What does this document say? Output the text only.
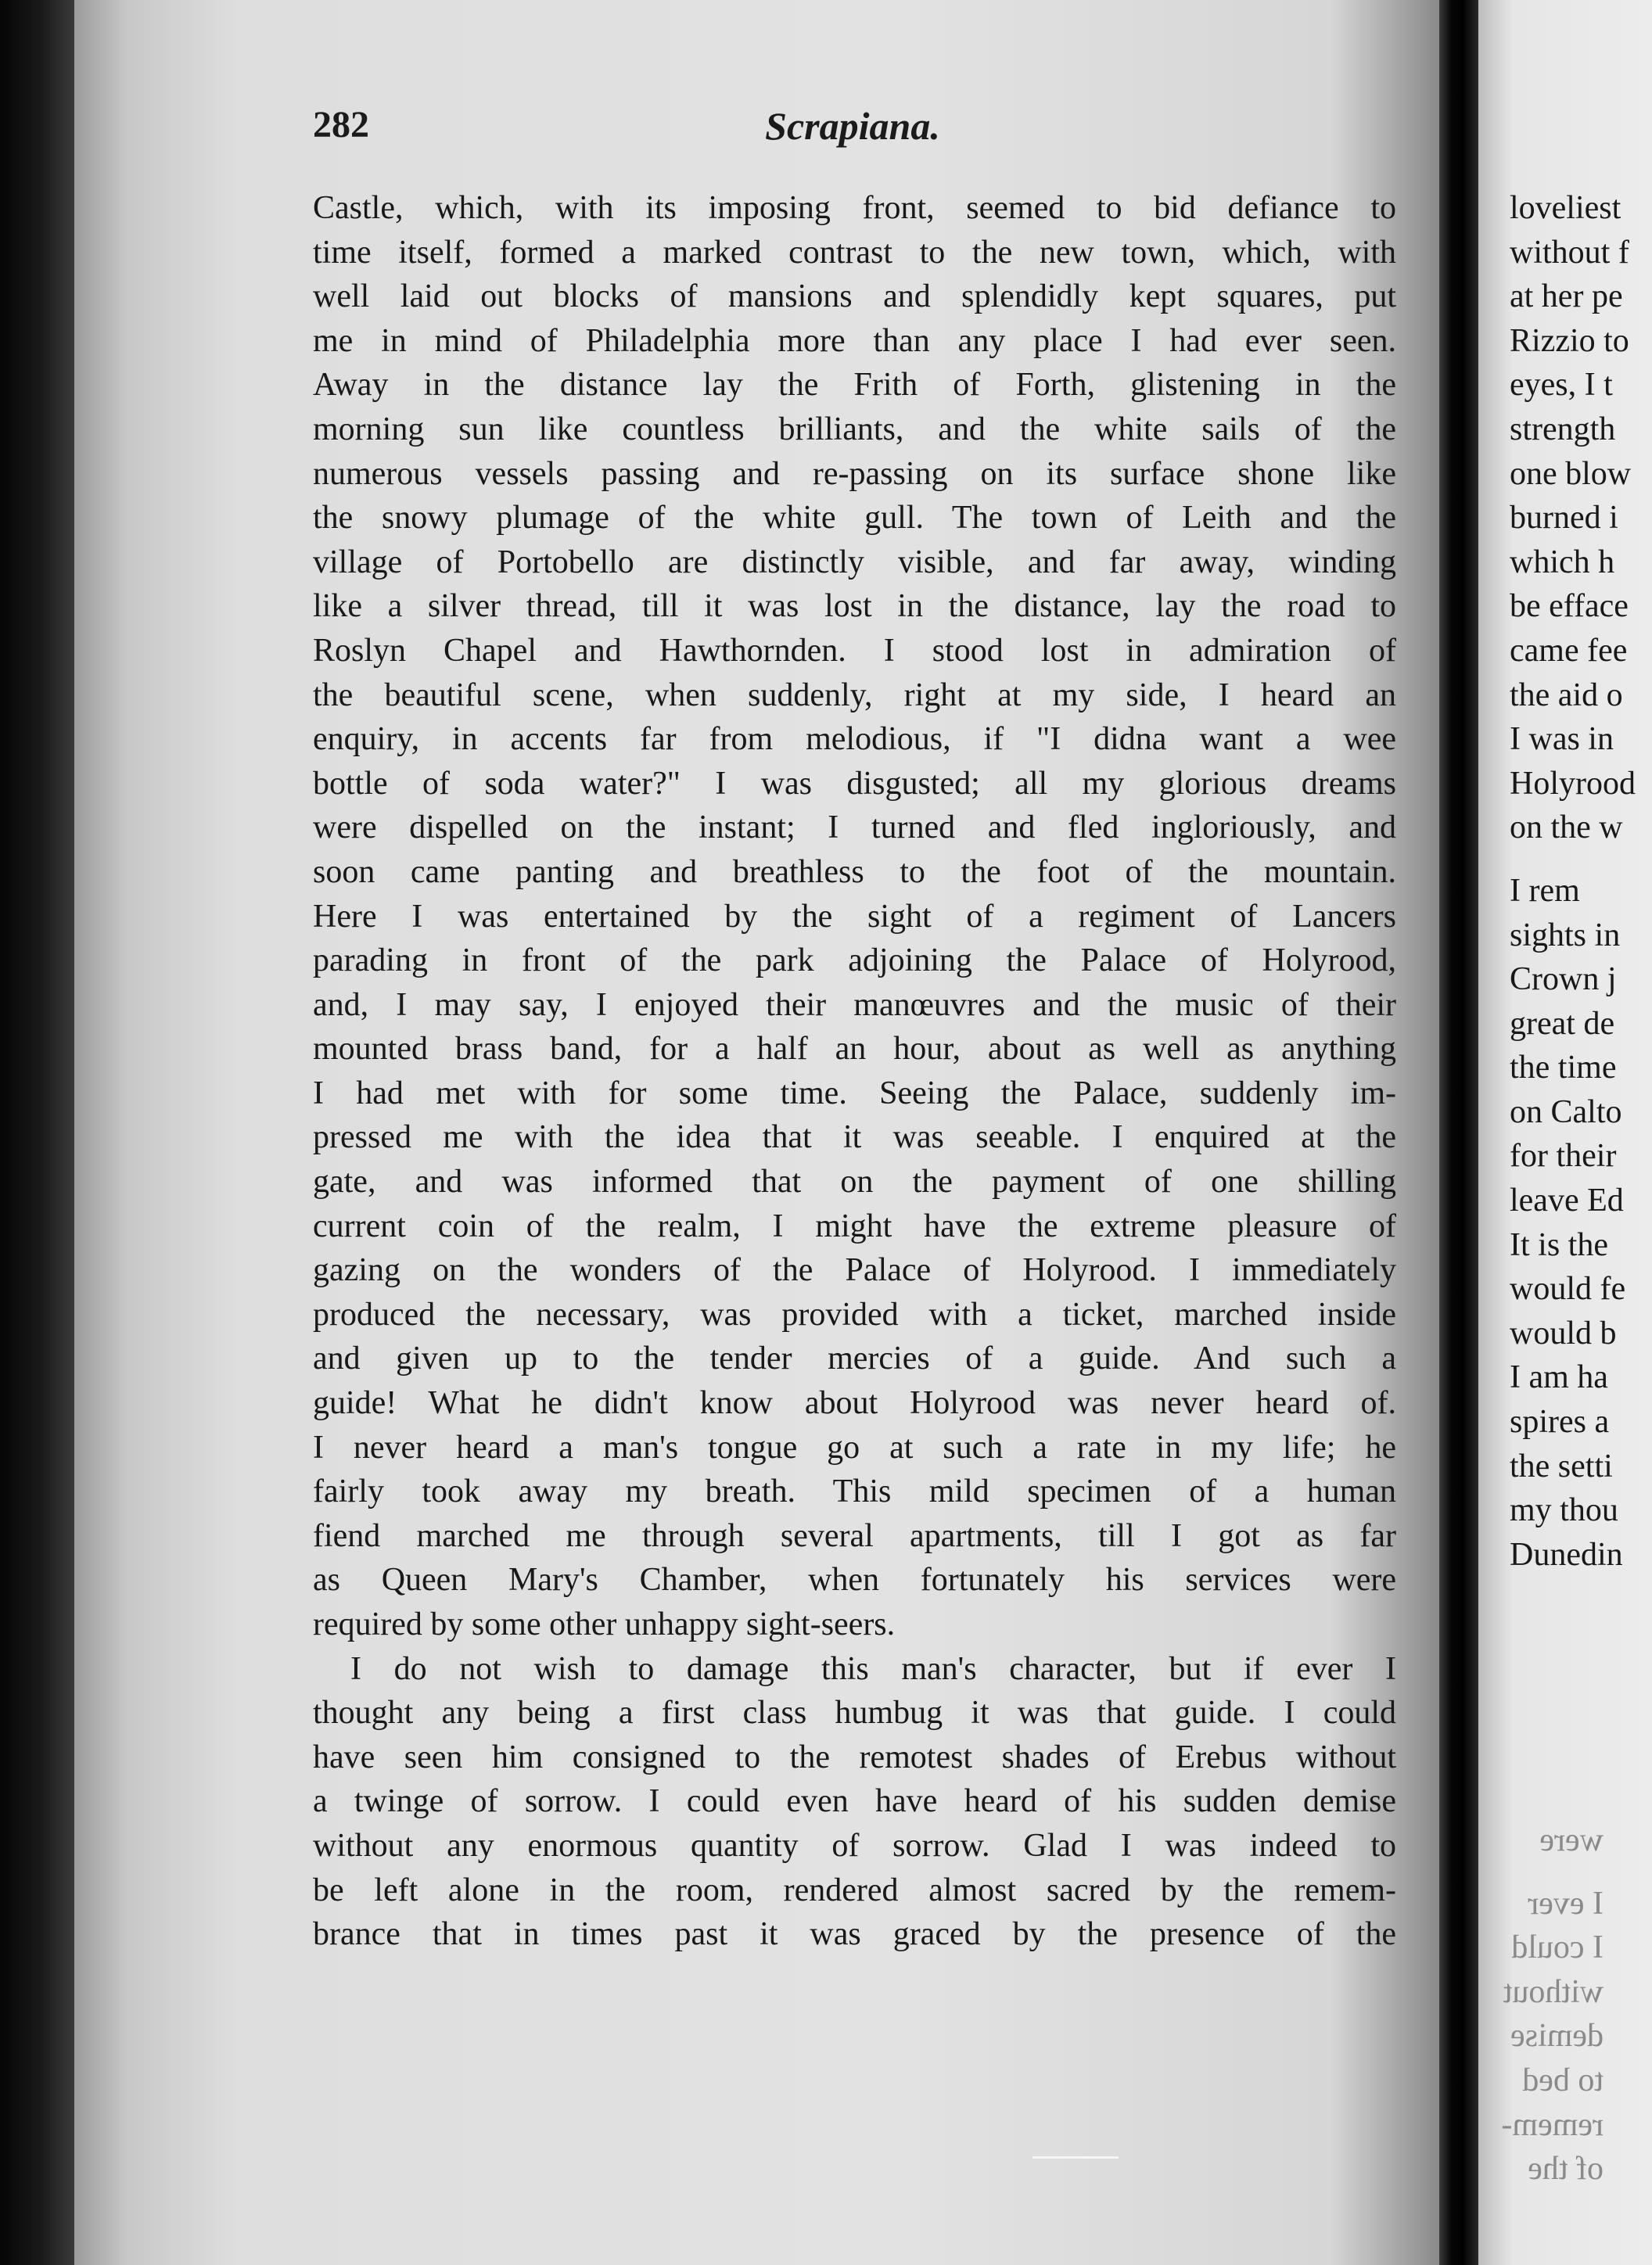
282	Scrapiana.
Castle, which, with its imposing front, seemed to bid defiance to
time itself, formed a marked contrast to the new town, which, with
well laid out blocks of mansions and splendidly kept squares, put
me in mind of Philadelphia more than any place I had ever seen.
Away in the distance lay the Frith of Forth, glistening in the
morning sun like countless brilliants, and the white sails of the
numerous vessels passing and re-passing on its surface shone like
the snowy plumage of the white gull. The town of Leith and the
village of Portobello are distinctly visible, and far away, winding
like a silver thread, till it was lost in the distance, lay the road to
Roslyn Chapel and Hawthornden. I stood lost in admiration of
the beautiful scene, when suddenly, right at my side, I heard an
enquiry, in accents far from melodious, if "I didna want a wee
bottle of soda water?" I was disgusted; all my glorious dreams
were dispelled on the instant; I turned and fled ingloriously, and
soon came panting and breathless to the foot of the mountain.
Here I was entertained by the sight of a regiment of Lancers
parading in front of the park adjoining the Palace of Holyrood,
and, I may say, I enjoyed their manœuvres and the music of their
mounted brass band, for a half an hour, about as well as anything
I had met with for some time. Seeing the Palace, suddenly im-
pressed me with the idea that it was seeable. I enquired at the
gate, and was informed that on the payment of one shilling
current coin of the realm, I might have the extreme pleasure of
gazing on the wonders of the Palace of Holyrood. I immediately
produced the necessary, was provided with a ticket, marched inside
and given up to the tender mercies of a guide. And such a
guide! What he didn't know about Holyrood was never heard of.
I never heard a man's tongue go at such a rate in my life; he
fairly took away my breath. This mild specimen of a human
fiend marched me through several apartments, till I got as far
as Queen Mary's Chamber, when fortunately his services were
required by some other unhappy sight-seers.
I do not wish to damage this man's character, but if ever I
thought any being a first class humbug it was that guide. I could
have seen him consigned to the remotest shades of Erebus without
a twinge of sorrow. I could even have heard of his sudden demise
without any enormous quantity of sorrow. Glad I was indeed to
be left alone in the room, rendered almost sacred by the remem-
brance that in times past it was graced by the presence of the
loveliest
without f
at her pe
Rizzio to
eyes, I t
strength
one blow
burned i
which h
be efface
came fee
the aid o
I was in
Holyrood
on the w
I rem
sights in
Crown j
great de
the time
on Calto
for their
leave Ed
It is the
would fe
would b
I am ha
spires a
the setti
my thou
Dunedin
were
I ever
I could
without
demise
to bed
remem-
of the
